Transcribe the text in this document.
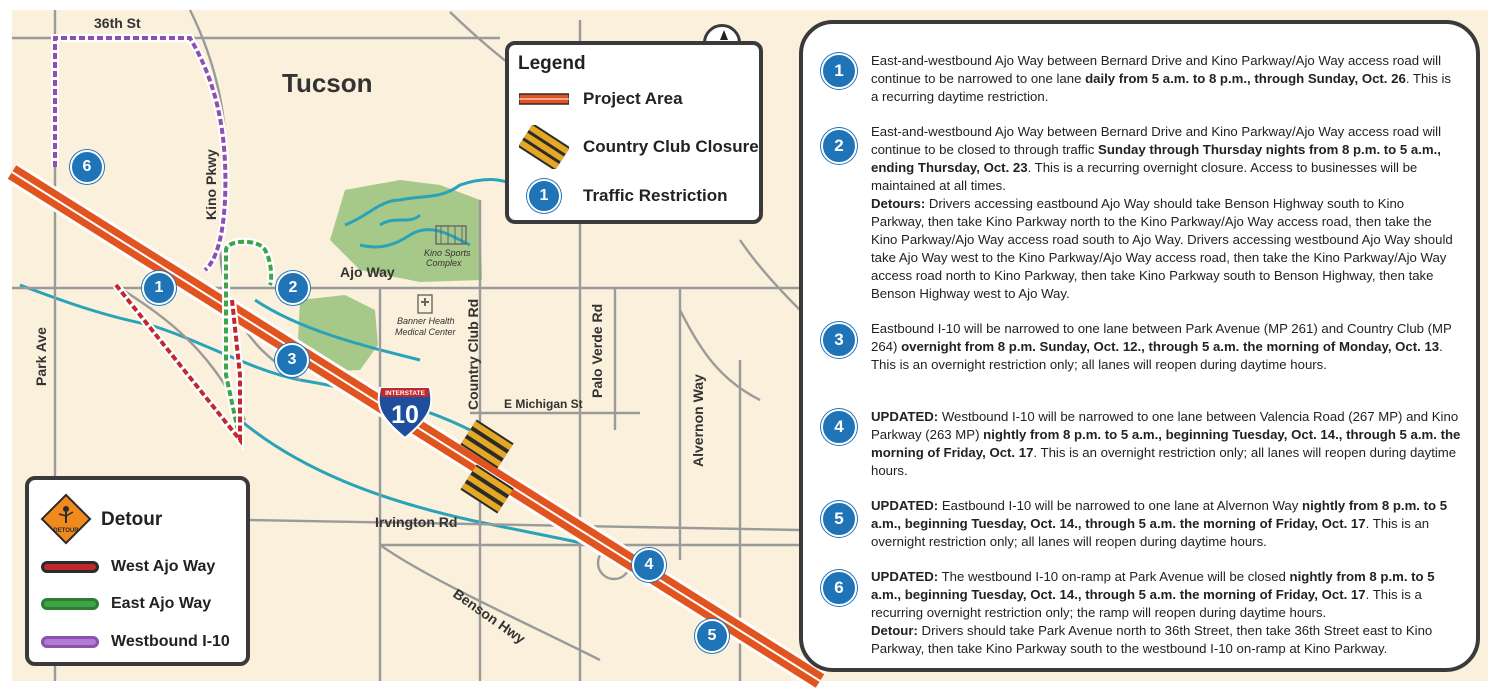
INTERSTATE
10
36th St
Tucson
Kino Pkwy
Park Ave
Ajo Way
Country Club Rd	Palo Verde Rd
Alvernon Way
E Michigan St
Irvington Rd
Benson Hwy
Kino Sports
Complex
Banner Health
Medical Center
6
1	2
3
4
5
Legend
Project Area
Country Club Closure
1	Traffic Restriction
DETOUR
Detour
West Ajo Way
East Ajo Way
Westbound I-10
1
East-and-westbound Ajo Way between Bernard Drive and Kino Parkway/Ajo Way access road will continue to be narrowed to one lane daily from 5 a.m. to 8 p.m., through Sunday, Oct. 26. This is a recurring daytime restriction.
2
East-and-westbound Ajo Way between Bernard Drive and Kino Parkway/Ajo Way access road will continue to be closed to through traffic Sunday through Thursday nights from 8 p.m. to 5 a.m., ending Thursday, Oct. 23. This is a recurring overnight closure. Access to businesses will be maintained at all times.
Detours: Drivers accessing eastbound Ajo Way should take Benson Highway south to Kino Parkway, then take Kino Parkway north to the Kino Parkway/Ajo Way access road, then take the Kino Parkway/Ajo Way access road south to Ajo Way. Drivers accessing westbound Ajo Way should take Ajo Way west to the Kino Parkway/Ajo Way access road, then take the Kino Parkway/Ajo Way access road north to Kino Parkway, then take Kino Parkway south to Benson Highway, then take Benson Highway west to Ajo Way.
3
Eastbound I-10 will be narrowed to one lane between Park Avenue (MP 261) and Country Club (MP 264) overnight from 8 p.m. Sunday, Oct. 12., through 5 a.m. the morning of Monday, Oct. 13. This is an overnight restriction only; all lanes will reopen during daytime hours.
4
UPDATED: Westbound I-10 will be narrowed to one lane between Valencia Road (267 MP) and Kino Parkway (263 MP) nightly from 8 p.m. to 5 a.m., beginning Tuesday, Oct. 14., through 5 a.m. the morning of Friday, Oct. 17. This is an overnight restriction only; all lanes will reopen during daytime hours.
5
UPDATED: Eastbound I-10 will be narrowed to one lane at Alvernon Way nightly from 8 p.m. to 5 a.m., beginning Tuesday, Oct. 14., through 5 a.m. the morning of Friday, Oct. 17. This is an overnight restriction only; all lanes will reopen during daytime hours.
6
UPDATED: The westbound I-10 on-ramp at Park Avenue will be closed nightly from 8 p.m. to 5 a.m., beginning Tuesday, Oct. 14., through 5 a.m. the morning of Friday, Oct. 17. This is a recurring overnight restriction only; the ramp will reopen during daytime hours.
Detour: Drivers should take Park Avenue north to 36th Street, then take 36th Street east to Kino Parkway, then take Kino Parkway south to the westbound I-10 on-ramp at Kino Parkway.
